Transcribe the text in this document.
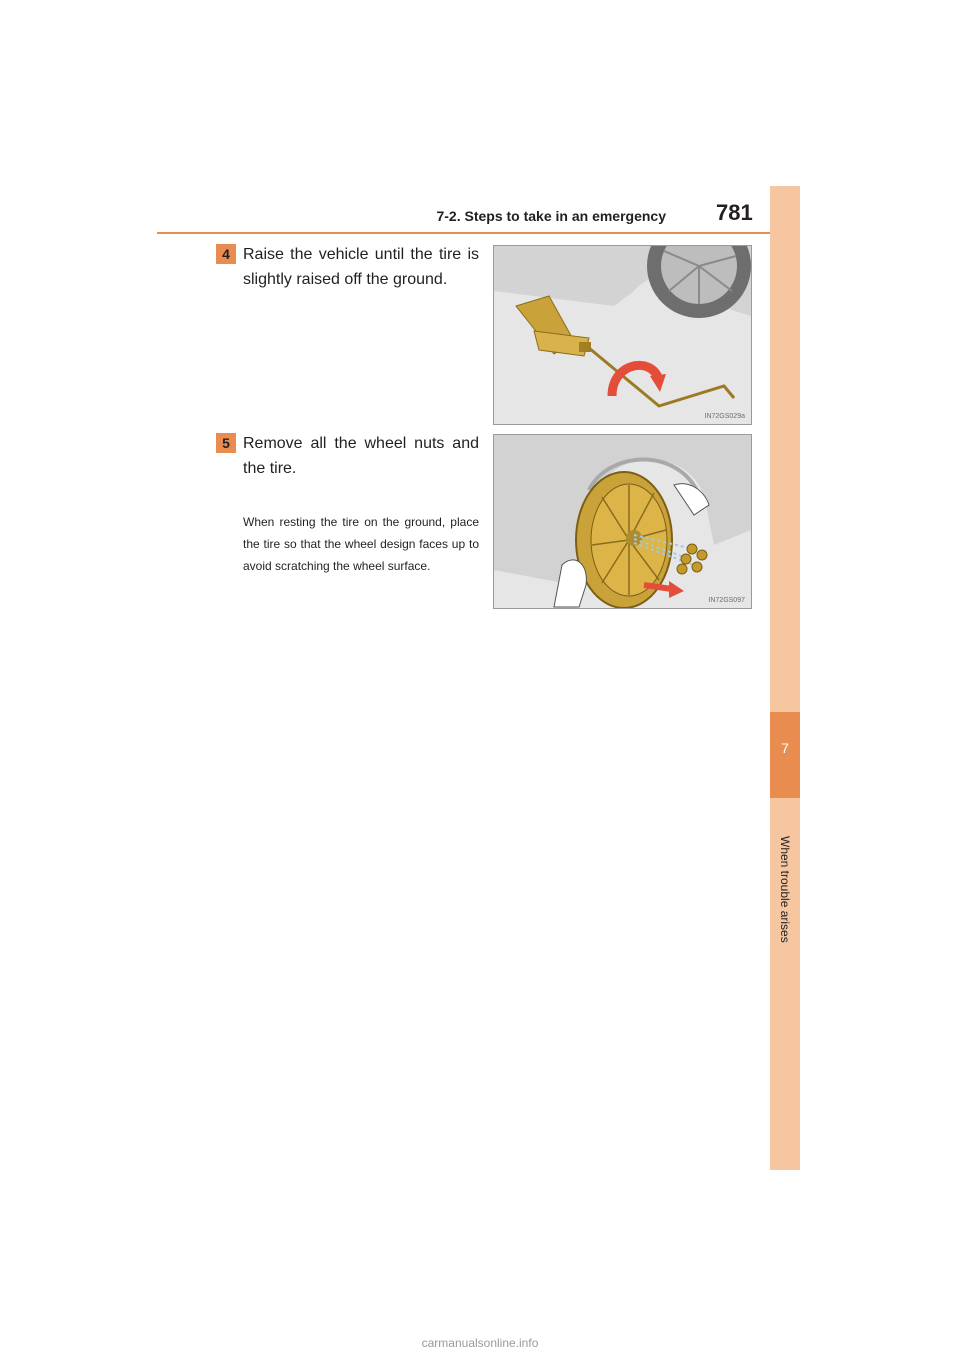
7-2. Steps to take in an emergency 781
7
When trouble arises
4 Raise the vehicle until the tire is slightly raised off the ground.
IN72GS029a
5 Remove all the wheel nuts and the tire.
When resting the tire on the ground, place the tire so that the wheel design faces up to avoid scratching the wheel surface.
IN72GS097
carmanualsonline.info
